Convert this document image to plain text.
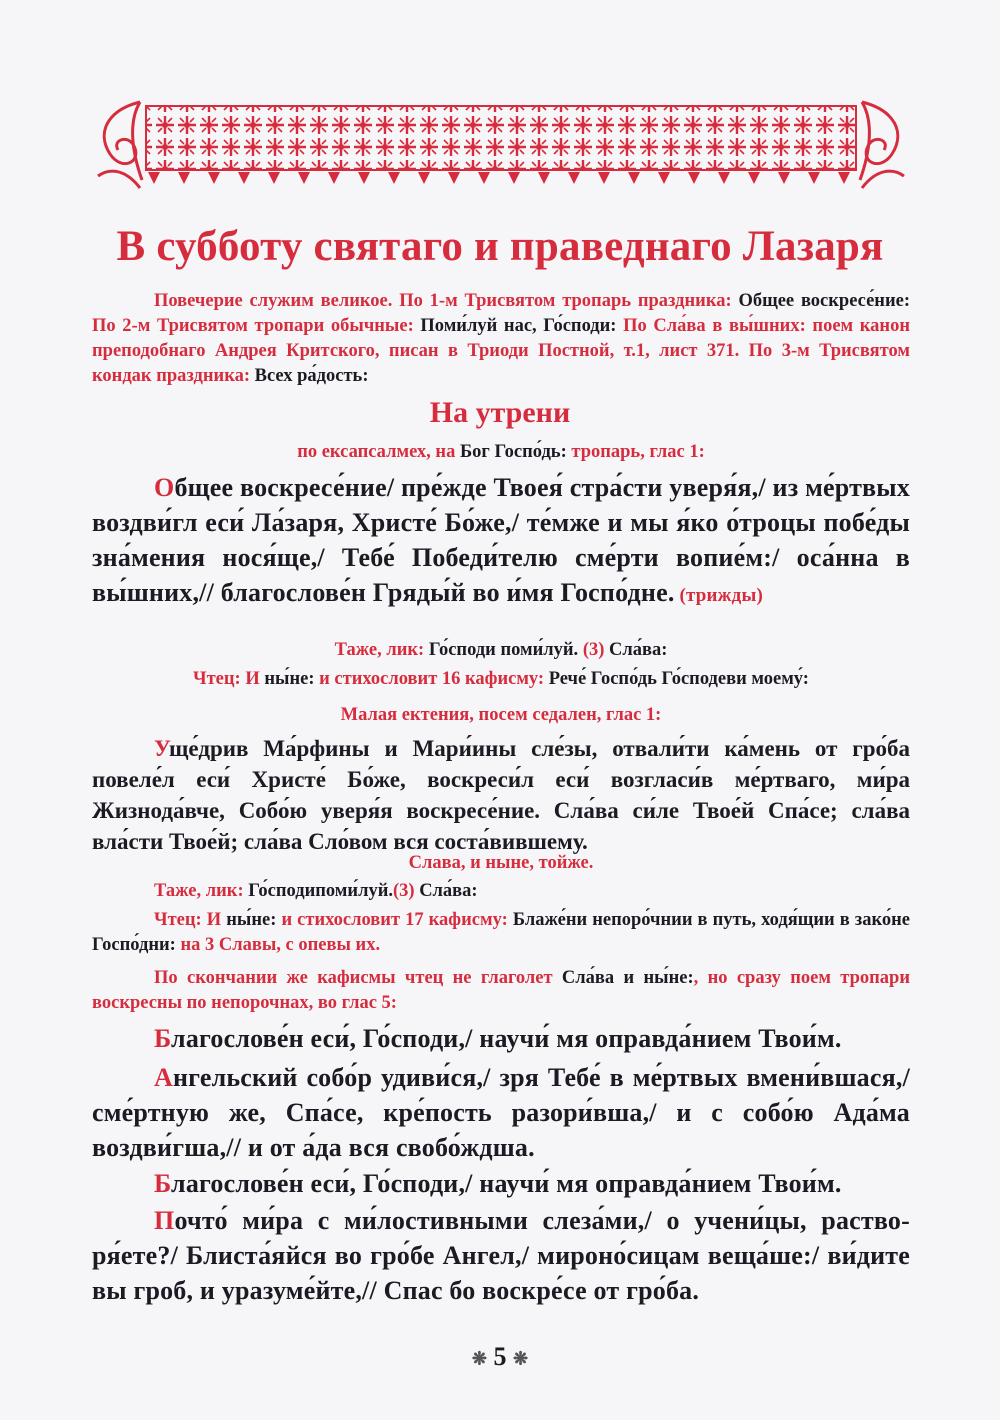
В субботу святаго и праведнаго Лазаря
Повечерие служим великое. По 1-м Трисвятом тропарь праздника: Общее воскресе́ние: По 2-м Трисвятом тропари обычные: Поми́луй нас, Го́споди: По Сла́ва в вы́шних: поем канон преподобнаго Андрея Критского, писан в Триоди Постной, т.1, лист 371. По 3-м Трисвятом кондак праздника: Всех ра́дость:
На утрени
по ексапсалмех, на Бог Госпо́дь: тропарь, глас 1:
Общее воскресе́ние/ пре́жде Твоея́ стра́сти уверя́я,/ из ме́ртвых воздви́гл еси́ Ла́заря, Христе́ Бо́же,/ те́мже и мы я́ко о́троцы побе́ды зна́мения нося́ще,/ Тебе́ Победи́телю сме́рти вопие́м:/ оса́нна в вы́шних,// благослове́н Гряды́й во и́мя Госпо́дне. (трижды)
Таже, лик: Го́споди поми́луй. (3) Сла́ва:
Чтец: И ны́не: и стихословит 16 кафисму: Рече́ Госпо́дь Го́сподеви моему́:
Малая ектения, посем седален, глас 1:
Уще́дрив Ма́рфины и Мари́ины сле́зы, отвали́ти ка́мень от гро́ба повеле́л еси́ Христе́ Бо́же, воскреси́л еси́ возгласи́в ме́ртваго, ми́ра Жизнода́вче, Собо́ю уверя́я воскресе́ние. Сла́ва си́ле Твое́й Спа́се; сла́ва вла́сти Твое́й; сла́ва Сло́вом вся соста́вившему.
Слава, и ныне, тойже.
Таже, лик: Го́сподипоми́луй.(3) Сла́ва:
Чтец: И ны́не: и стихословит 17 кафисму: Блаже́ни непоро́чнии в путь, ходя́щии в зако́не Госпо́дни: на 3 Славы, с опевы их.
По скончании же кафисмы чтец не глаголет Сла́ва и ны́не:, но сразу поем тропари воскресны по непорочнах, во глас 5:
Благослове́н еси́, Го́споди,/ научи́ мя оправда́нием Твои́м.
Ангельский собо́р удиви́ся,/ зря Тебе́ в ме́ртвых вмени́вшася,/ сме́ртную же, Спа́се, кре́пость разори́вша,/ и с собо́ю Ада́ма воздви́гша,// и от а́да вся свобо́ждша.
Благослове́н еси́, Го́споди,/ научи́ мя оправда́нием Твои́м.
Почто́ ми́ра с ми́лостивными слеза́ми,/ о учени́цы, раство-ря́ете?/ Блиста́яйся во гро́бе Ангел,/ мироно́сицам веща́ше:/ ви́дите вы гроб, и уразуме́йте,// Спас бо воскре́се от гро́ба.
❋ 5 ❋
